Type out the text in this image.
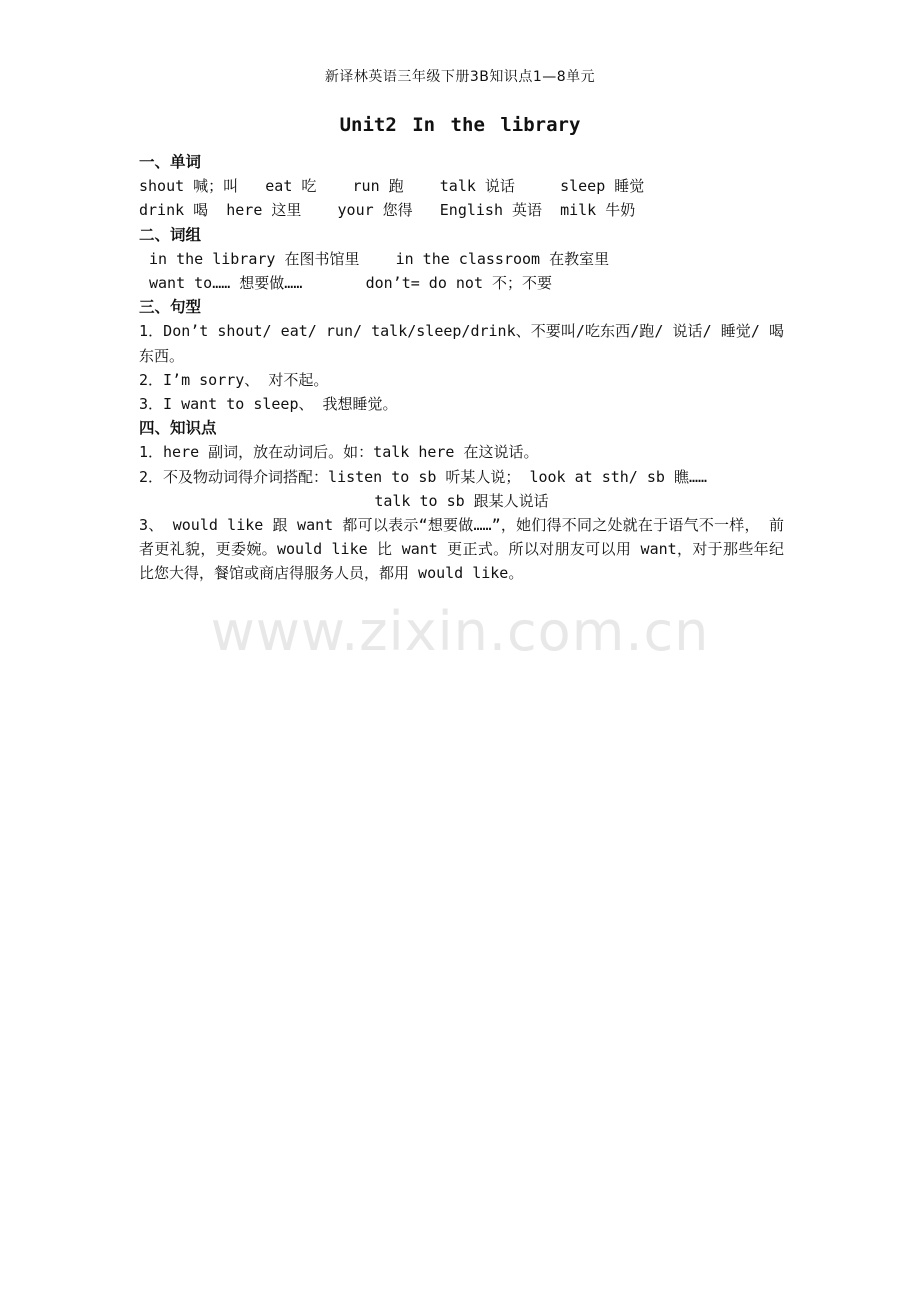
新译林英语三年级下册3B知识点1—8单元
Unit2 In the library
一、单词
shout 喊；叫   eat 吃    run 跑    talk 说话     sleep 睡觉
drink 喝  here 这里    your 您得   English 英语  milk 牛奶
二、词组
in the library 在图书馆里    in the classroom 在教室里
want to…… 想要做……       don’t= do not 不；不要
三、句型
1．Don’t shout/ eat/ run/ talk/sleep/drink、不要叫/吃东西/跑/ 说话/ 睡觉/ 喝东西。
2．I’m sorry、 对不起。
3．I want to sleep、 我想睡觉。
四、知识点
1．here 副词，放在动词后。如：talk here 在这说话。
2．不及物动词得介词搭配：listen to sb 听某人说； look at sth/ sb 瞧……
talk to sb 跟某人说话
3、 would like 跟 want 都可以表示“想要做……”，她们得不同之处就在于语气不一样， 前者更礼貌，更委婉。would like 比 want 更正式。所以对朋友可以用 want，对于那些年纪比您大得，餐馆或商店得服务人员，都用 would like。
www.zixin.com.cn
